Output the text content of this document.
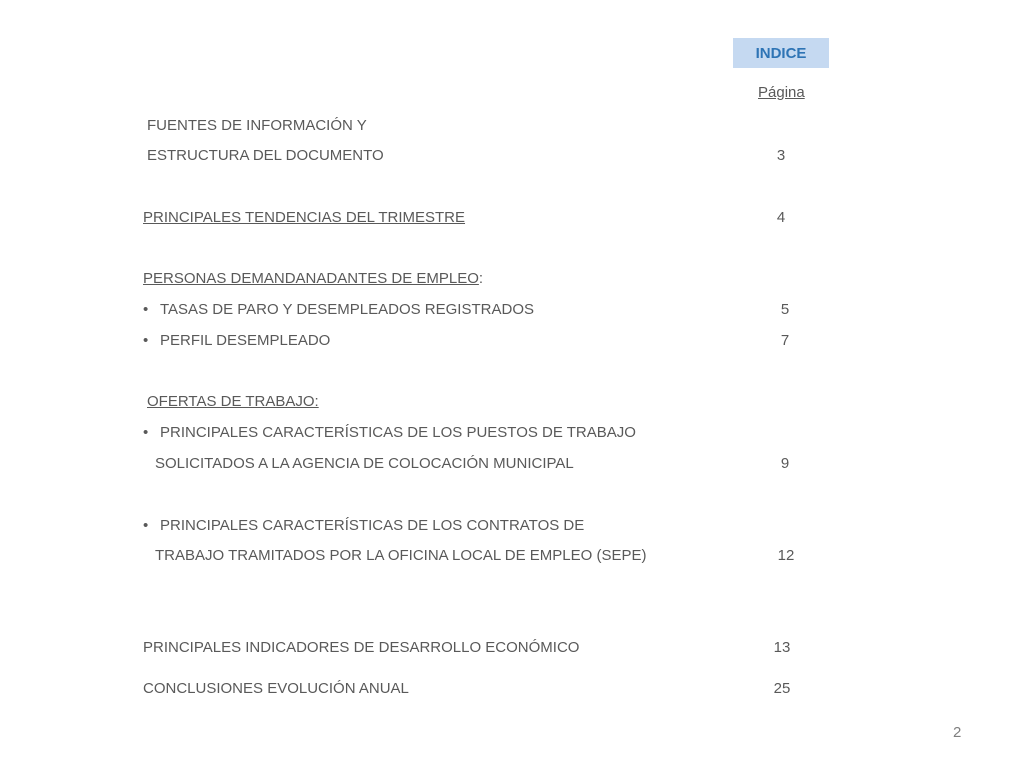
INDICE
Página
FUENTES DE INFORMACIÓN Y
ESTRUCTURA DEL DOCUMENTO	3
PRINCIPALES TENDENCIAS DEL TRIMESTRE	4
PERSONAS DEMANDANADANTES DE EMPLEO:
• TASAS DE PARO Y DESEMPLEADOS REGISTRADOS	5
• PERFIL DESEMPLEADO	7
OFERTAS DE TRABAJO:
• PRINCIPALES CARACTERÍSTICAS DE LOS PUESTOS DE TRABAJO
SOLICITADOS A LA AGENCIA DE COLOCACIÓN MUNICIPAL	9
• PRINCIPALES CARACTERÍSTICAS DE LOS CONTRATOS DE
TRABAJO TRAMITADOS POR LA OFICINA LOCAL DE EMPLEO (SEPE)	12
PRINCIPALES INDICADORES DE DESARROLLO ECONÓMICO	13
CONCLUSIONES EVOLUCIÓN ANUAL	25
2
